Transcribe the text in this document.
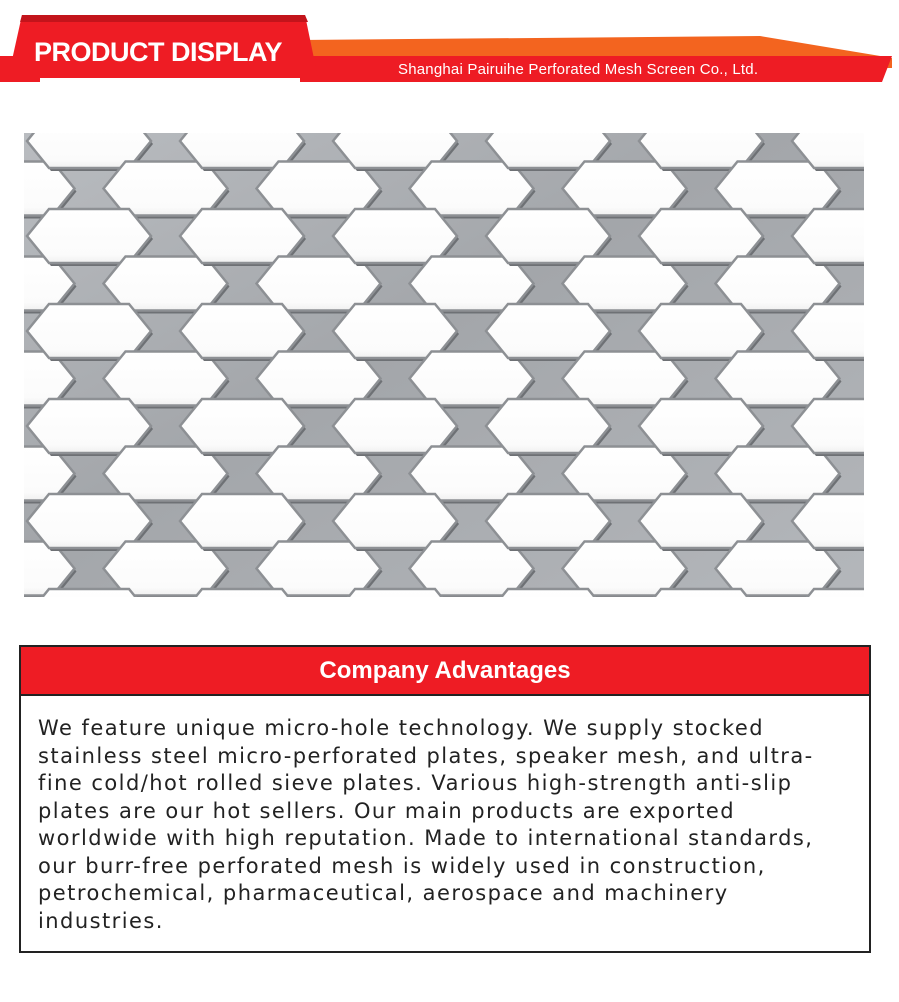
PRODUCT DISPLAY
Shanghai Pairuihe Perforated Mesh Screen Co., Ltd.
Company Advantages
We feature unique micro-hole technology. We supply stocked stainless steel micro-perforated plates, speaker mesh, and ultra-fine cold/hot rolled sieve plates. Various high-strength anti-slip plates are our hot sellers. Our main products are exported worldwide with high reputation. Made to international standards, our burr-free perforated mesh is widely used in construction, petrochemical, pharmaceutical, aerospace and machinery industries.
